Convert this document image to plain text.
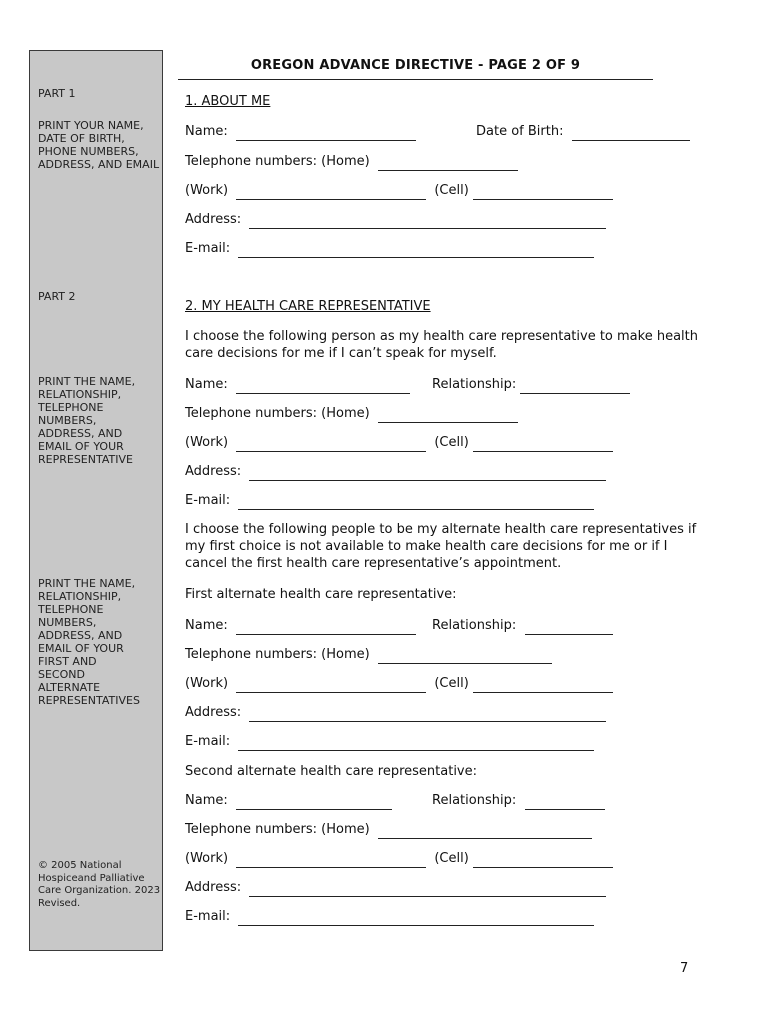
PART 1
PRINT YOUR NAME,
DATE OF BIRTH,
PHONE NUMBERS,
ADDRESS, AND EMAIL
PART 2
PRINT THE NAME,
RELATIONSHIP,
TELEPHONE
NUMBERS,
ADDRESS, AND
EMAIL OF YOUR
REPRESENTATIVE
PRINT THE NAME,
RELATIONSHIP,
TELEPHONE
NUMBERS,
ADDRESS, AND
EMAIL OF YOUR
FIRST AND
SECOND
ALTERNATE
REPRESENTATIVES
© 2005 National
Hospiceand Palliative
Care Organization. 2023
Revised.
OREGON ADVANCE DIRECTIVE - PAGE 2 OF 9
1. ABOUT ME
Name:	Date of Birth:
Telephone numbers: (Home)
(Work)	(Cell)
Address:
E-mail:
2. MY HEALTH CARE REPRESENTATIVE
I choose the following person as my health care representative to make health care decisions for me if I can’t speak for myself.
Name:	Relationship:
Telephone numbers: (Home)
(Work)	(Cell)
Address:
E-mail:
I choose the following people to be my alternate health care representatives if my first choice is not available to make health care decisions for me or if I cancel the first health care representative’s appointment.
First alternate health care representative:
Name:	Relationship:
Telephone numbers: (Home)
(Work)	(Cell)
Address:
E-mail:
Second alternate health care representative:
Name:	Relationship:
Telephone numbers: (Home)
(Work)	(Cell)
Address:
E-mail:
7
